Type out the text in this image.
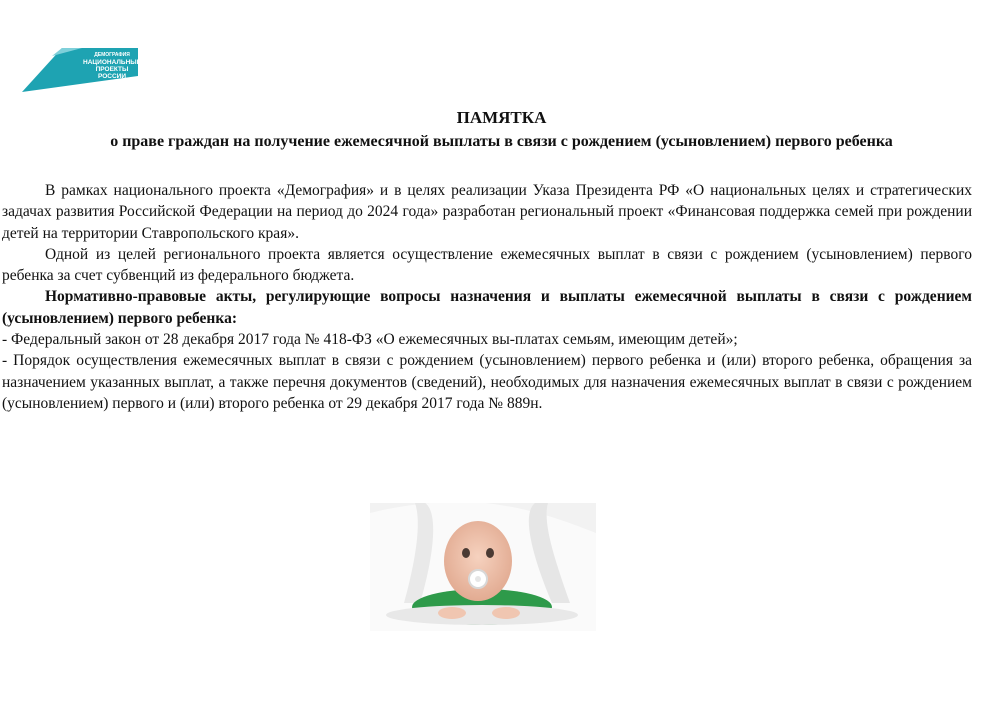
ДЕМОГРАФИЯ
НАЦИОНАЛЬНЫЕ
ПРОЕКТЫ
РОССИИ
ПАМЯТКА
о праве граждан на получение ежемесячной выплаты в связи с рождением (усыновлением) первого ребенка

В рамках национального проекта «Демография» и в целях реализации Указа Президента РФ «О национальных целях и стратегических задачах развития Российской Федерации на период до 2024 года» разработан региональный проект «Финансовая поддержка семей при рождении детей на территории Ставропольского края».

Одной из целей регионального проекта является осуществление ежемесячных выплат в связи с рождением (усыновлением) первого ребенка за счет субвенций из федерального бюджета.

Нормативно-правовые акты, регулирующие вопросы назначения и выплаты ежемесячной выплаты в связи с рождением (усыновлением) первого ребенка:

- Федеральный закон от 28 декабря 2017 года № 418-ФЗ «О ежемесячных вы-платах семьям, имеющим детей»;

- Порядок осуществления ежемесячных выплат в связи с рождением (усыновлением) первого ребенка и (или) второго ребенка, обращения за назначением указанных выплат, а также перечня документов (сведений), необходимых для назначения ежемесячных выплат в связи с рождением (усыновлением) первого и (или) второго ребенка от 29 декабря 2017 года № 889н.
